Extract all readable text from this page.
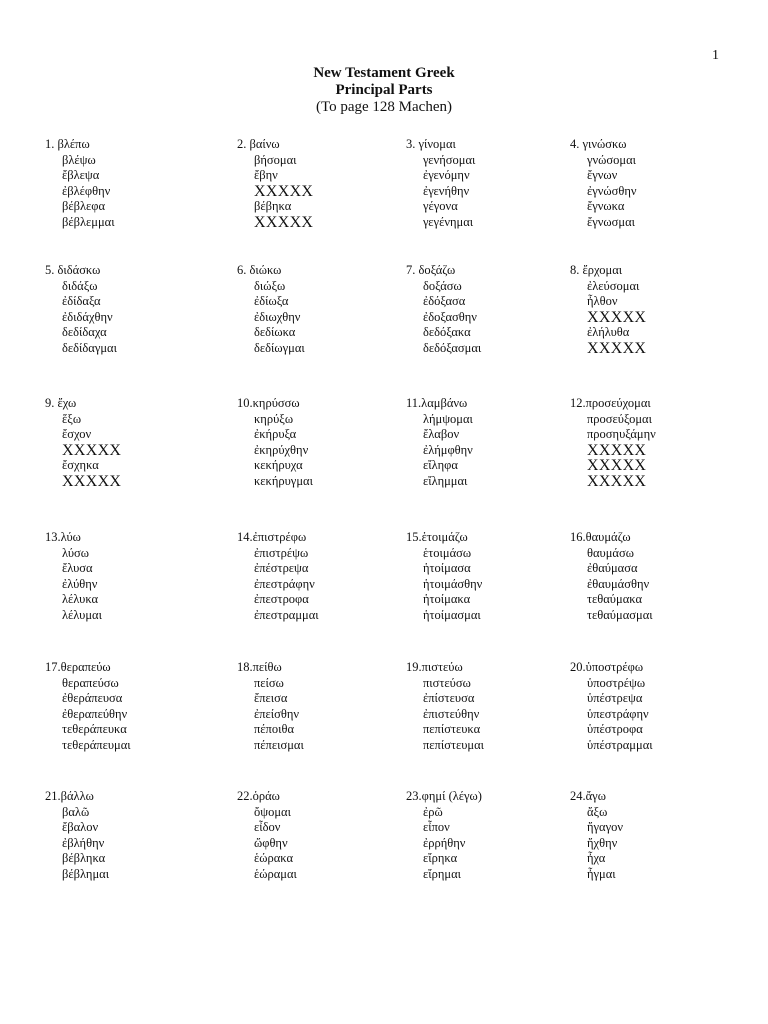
1
New Testament Greek
Principal Parts
(To page 128 Machen)
1. βλέπω
βλέψω
ἔβλεψα
ἐβλέφθην
βέβλεφα
βέβλεμμαι
2. βαίνω
βήσομαι
ἔβην
XXXXX
βέβηκα
XXXXX
3. γίνομαι
γενήσομαι
ἐγενόμην
ἐγενήθην
γέγονα
γεγένημαι
4. γινώσκω
γνώσομαι
ἔγνων
ἐγνώσθην
ἔγνωκα
ἔγνωσμαι
5. διδάσκω
διδάξω
ἐδίδαξα
ἐδιδάχθην
δεδίδαχα
δεδίδαγμαι
6. διώκω
διώξω
ἐδίωξα
ἐδιωχθην
δεδίωκα
δεδίωγμαι
7. δοξάζω
δοξάσω
ἐδόξασα
ἐδοξασθην
δεδόξακα
δεδόξασμαι
8. ἔρχομαι
ἐλεύσομαι
ἦλθον
XXXXX
ἐλήλυθα
XXXXX
9. ἔχω
ἕξω
ἔσχον
XXXXX
ἔσχηκα
XXXXX
10.κηρύσσω
κηρύξω
ἐκήρυξα
ἐκηρύχθην
κεκήρυχα
κεκήρυγμαι
11.λαμβάνω
λήμψομαι
ἔλαβον
ἐλήμφθην
εἴληφα
εἴλημμαι
12.προσεύχομαι
προσεύξομαι
προσηυξάμην
XXXXX
XXXXX
XXXXX
13.λύω
λύσω
ἔλυσα
ἐλύθην
λέλυκα
λέλυμαι
14.ἐπιστρέφω
ἐπιστρέψω
ἐπέστρεψα
ἐπεστράφην
ἐπεστροφα
ἐπεστραμμαι
15.ἑτοιμάζω
ἑτοιμάσω
ἡτοίμασα
ἡτοιμάσθην
ἡτοίμακα
ἡτοίμασμαι
16.θαυμάζω
θαυμάσω
ἐθαύμασα
ἐθαυμάσθην
τεθαύμακα
τεθαύμασμαι
17.θεραπεύω
θεραπεύσω
ἐθεράπευσα
ἐθεραπεύθην
τεθεράπευκα
τεθεράπευμαι
18.πείθω
πείσω
ἔπεισα
ἐπείσθην
πέποιθα
πέπεισμαι
19.πιστεύω
πιστεύσω
ἐπίστευσα
ἐπιστεύθην
πεπίστευκα
πεπίστευμαι
20.ὑποστρέφω
ὑποστρέψω
ὑπέστρεψα
ὑπεστράφην
ὑπέστροφα
ὑπέστραμμαι
21.βάλλω
βαλῶ
ἔβαλον
ἐβλήθην
βέβληκα
βέβλημαι
22.ὁράω
ὄψομαι
εἶδον
ὤφθην
ἑώρακα
ἑώραμαι
23.φημί (λέγω)
ἐρῶ
εἶπον
ἐρρήθην
εἴρηκα
εἴρημαι
24.ἄγω
ἄξω
ἤγαγον
ἤχθην
ἦχα
ἦγμαι
